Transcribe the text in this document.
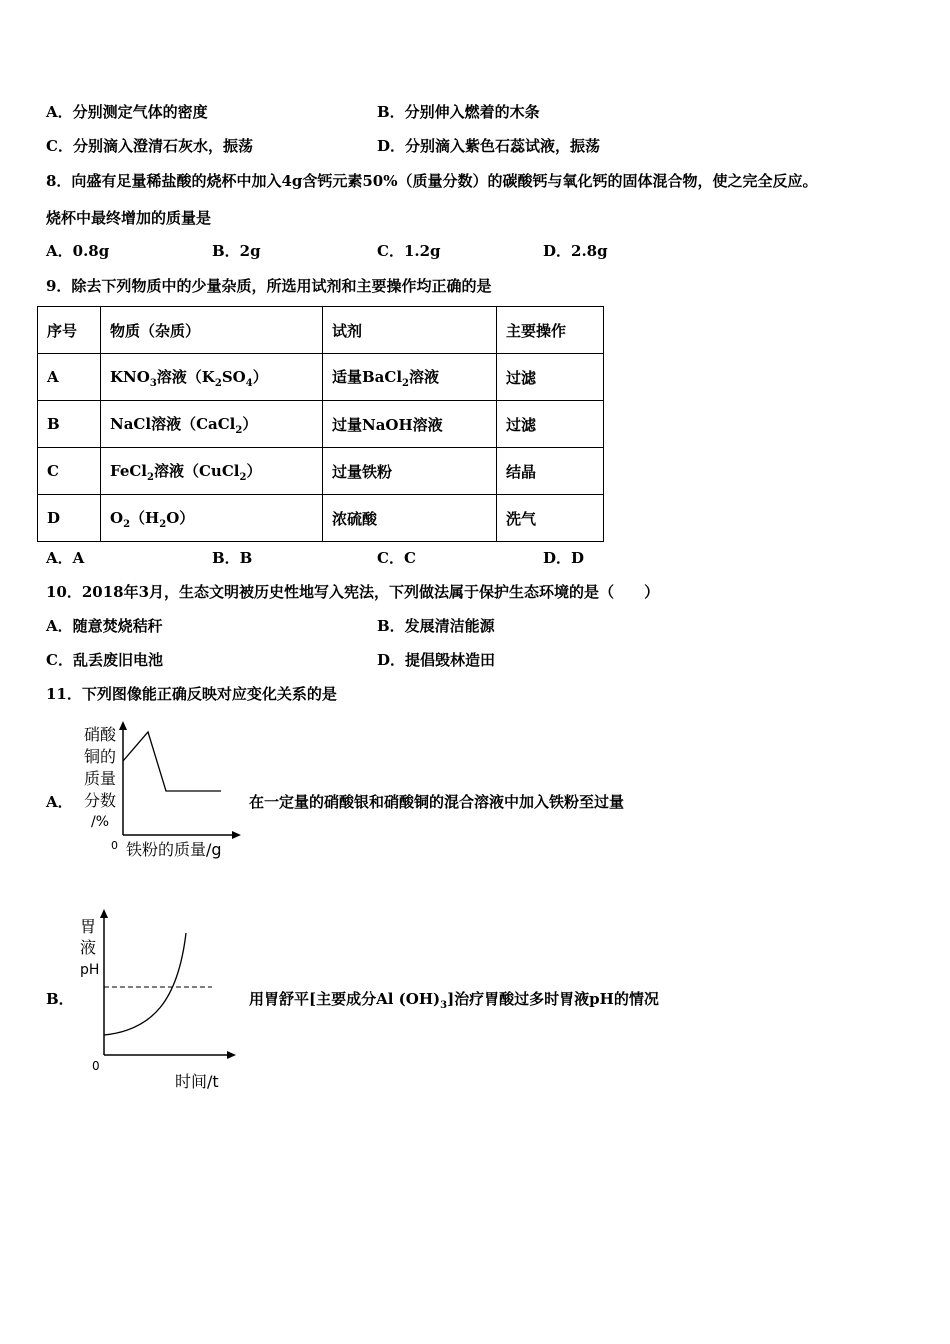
A．分别测定气体的密度	B．分别伸入燃着的木条
C．分别滴入澄清石灰水，振荡	D．分别滴入紫色石蕊试液，振荡
8．向盛有足量稀盐酸的烧杯中加入4g含钙元素50%（质量分数）的碳酸钙与氧化钙的固体混合物，使之完全反应。
烧杯中最终增加的质量是
A．0.8g	B．2g	C．1.2g	D．2.8g
9．除去下列物质中的少量杂质，所选用试剂和主要操作均正确的是
序号	物质（杂质）	试剂	主要操作
A	$KNO_3$溶液$(K_2SO_4)$	适量BaCl$_2$溶液	过滤
B	NaCl溶液（CaCl$_2$）	过量NaOH溶液	过滤
C	FeCl$_2$溶液（CuCl$_2$）	过量铁粉	结晶
D	$O_2(H_2O)$	浓硫酸	洗气
A．A	B．B	C．C	D．D
10．2018年3月，生态文明被历史性地写入宪法，下列做法属于保护生态环境的是（　　）
A．随意焚烧秸秆	B．发展清洁能源
C．乱丢废旧电池	D．提倡毁林造田
11．下列图像能正确反映对应变化关系的是
A．
硝酸
铜的
质量
分数
/%
0 铁粉的质量/g
在一定量的硝酸银和硝酸铜的混合溶液中加入铁粉至过量
B．
胃
液
pH
0
时间/t
用胃舒平[主要成分Al $(OH)_3$]治疗胃酸过多时胃液pH的情况
